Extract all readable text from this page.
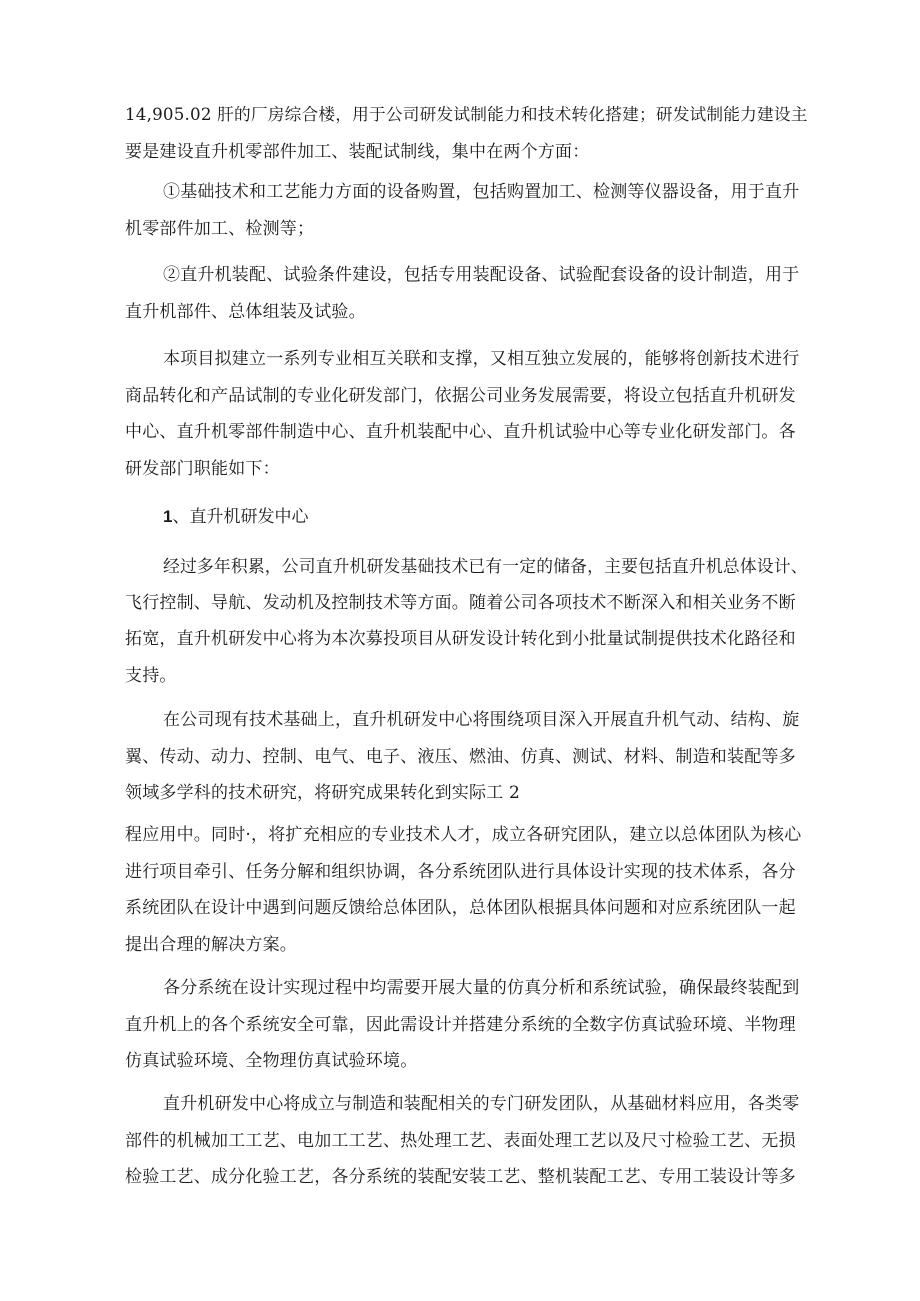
14,905.02 肝的厂房综合楼，用于公司研发试制能力和技术转化搭建；研发试制能力建设主
要是建设直升机零部件加工、装配试制线，集中在两个方面：

①基础技术和工艺能力方面的设备购置，包括购置加工、检测等仪器设备，用于直升
机零部件加工、检测等；

②直升机装配、试验条件建设，包括专用装配设备、试验配套设备的设计制造，用于
直升机部件、总体组装及试验。

本项目拟建立一系列专业相互关联和支撑，又相互独立发展的，能够将创新技术进行
商品转化和产品试制的专业化研发部门，依据公司业务发展需要，将设立包括直升机研发
中心、直升机零部件制造中心、直升机装配中心、直升机试验中心等专业化研发部门。各
研发部门职能如下：

1、直升机研发中心

经过多年积累，公司直升机研发基础技术已有一定的储备，主要包括直升机总体设计、
飞行控制、导航、发动机及控制技术等方面。随着公司各项技术不断深入和相关业务不断
拓宽，直升机研发中心将为本次募投项目从研发设计转化到小批量试制提供技术化路径和
支持。

在公司现有技术基础上，直升机研发中心将围绕项目深入开展直升机气动、结构、旋
翼、传动、动力、控制、电气、电子、液压、燃油、仿真、测试、材料、制造和装配等多
领域多学科的技术研究，将研究成果转化到实际工 2

程应用中。同时·，将扩充相应的专业技术人才，成立各研究团队，建立以总体团队为核心
进行项目牵引、任务分解和组织协调，各分系统团队进行具体设计实现的技术体系，各分
系统团队在设计中遇到问题反馈给总体团队，总体团队根据具体问题和对应系统团队一起
提出合理的解决方案。

各分系统在设计实现过程中均需要开展大量的仿真分析和系统试验，确保最终装配到
直升机上的各个系统安全可靠，因此需设计并搭建分系统的全数字仿真试验环境、半物理
仿真试验环境、全物理仿真试验环境。

直升机研发中心将成立与制造和装配相关的专门研发团队，从基础材料应用，各类零
部件的机械加工工艺、电加工工艺、热处理工艺、表面处理工艺以及尺寸检验工艺、无损
检验工艺、成分化验工艺，各分系统的装配安装工艺、整机装配工艺、专用工装设计等多
